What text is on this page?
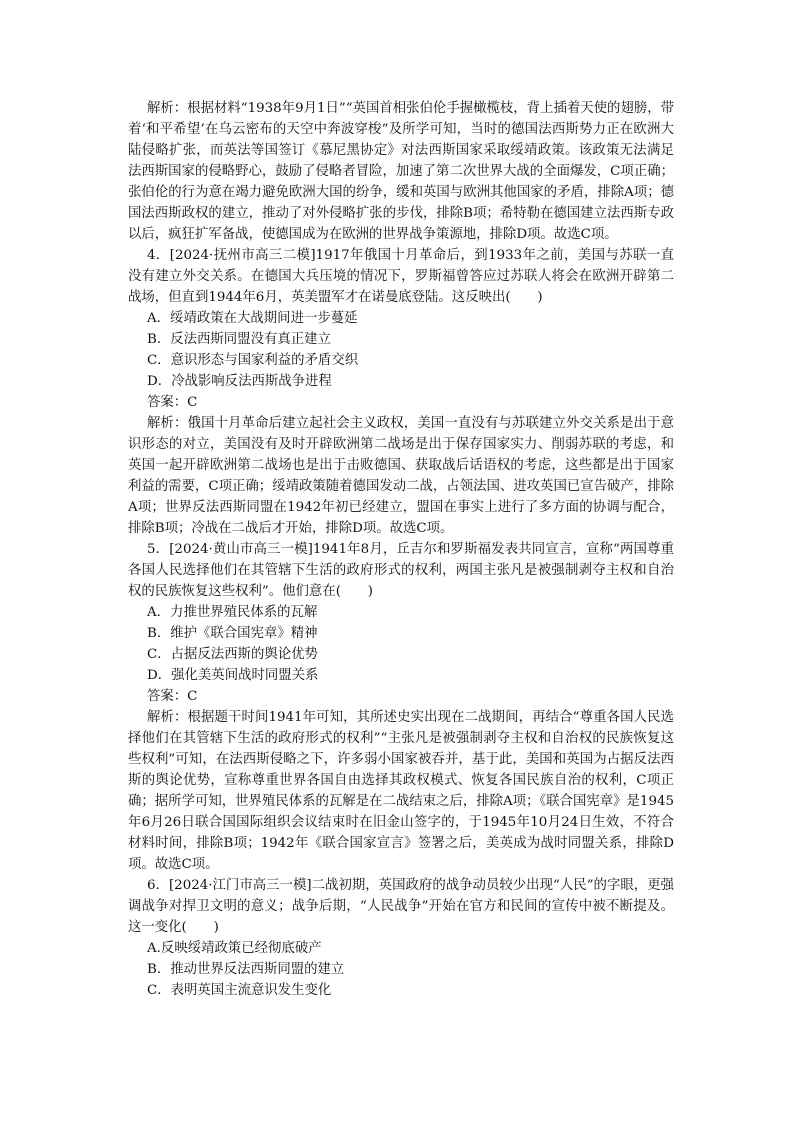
解析：根据材料“1938年9月1日”“英国首相张伯伦手握橄榄枝，背上插着天使的翅膀，带着‘和平希望’在乌云密布的天空中奔波穿梭”及所学可知，当时的德国法西斯势力正在欧洲大陆侵略扩张，而英法等国签订《慕尼黑协定》对法西斯国家采取绥靖政策。该政策无法满足法西斯国家的侵略野心，鼓励了侵略者冒险，加速了第二次世界大战的全面爆发，C项正确；张伯伦的行为意在竭力避免欧洲大国的纷争，缓和英国与欧洲其他国家的矛盾，排除A项；德国法西斯政权的建立，推动了对外侵略扩张的步伐，排除B项；希特勒在德国建立法西斯专政以后，疯狂扩军备战，使德国成为在欧洲的世界战争策源地，排除D项。故选C项。

4．[2024·抚州市高三二模]1917年俄国十月革命后，到1933年之前，美国与苏联一直没有建立外交关系。在德国大兵压境的情况下，罗斯福曾答应过苏联人将会在欧洲开辟第二战场，但直到1944年6月，英美盟军才在诺曼底登陆。这反映出(　　)

A．绥靖政策在大战期间进一步蔓延

B．反法西斯同盟没有真正建立

C．意识形态与国家利益的矛盾交织

D．冷战影响反法西斯战争进程

答案：C

解析：俄国十月革命后建立起社会主义政权，美国一直没有与苏联建立外交关系是出于意识形态的对立，美国没有及时开辟欧洲第二战场是出于保存国家实力、削弱苏联的考虑，和英国一起开辟欧洲第二战场也是出于击败德国、获取战后话语权的考虑，这些都是出于国家利益的需要，C项正确；绥靖政策随着德国发动二战，占领法国、进攻英国已宣告破产，排除A项；世界反法西斯同盟在1942年初已经建立，盟国在事实上进行了多方面的协调与配合，排除B项；冷战在二战后才开始，排除D项。故选C项。

5．[2024·黄山市高三一模]1941年8月，丘吉尔和罗斯福发表共同宣言，宣称“两国尊重各国人民选择他们在其管辖下生活的政府形式的权利，两国主张凡是被强制剥夺主权和自治权的民族恢复这些权利”。他们意在(　　)

A．力推世界殖民体系的瓦解

B．维护《联合国宪章》精神

C．占据反法西斯的舆论优势

D．强化美英间战时同盟关系

答案：C

解析：根据题干时间1941年可知，其所述史实出现在二战期间，再结合“尊重各国人民选择他们在其管辖下生活的政府形式的权利”“主张凡是被强制剥夺主权和自治权的民族恢复这些权利”可知，在法西斯侵略之下，许多弱小国家被吞并，基于此，美国和英国为占据反法西斯的舆论优势，宣称尊重世界各国自由选择其政权模式、恢复各国民族自治的权利，C项正确；据所学可知，世界殖民体系的瓦解是在二战结束之后，排除A项；《联合国宪章》是1945年6月26日联合国国际组织会议结束时在旧金山签字的，于1945年10月24日生效，不符合材料时间，排除B项；1942年《联合国家宣言》签署之后，美英成为战时同盟关系，排除D项。故选C项。

6．[2024·江门市高三一模]二战初期，英国政府的战争动员较少出现“人民”的字眼，更强调战争对捍卫文明的意义；战争后期，“人民战争”开始在官方和民间的宣传中被不断提及。这一变化(　　)

A.反映绥靖政策已经彻底破产

B．推动世界反法西斯同盟的建立

C．表明英国主流意识发生变化
